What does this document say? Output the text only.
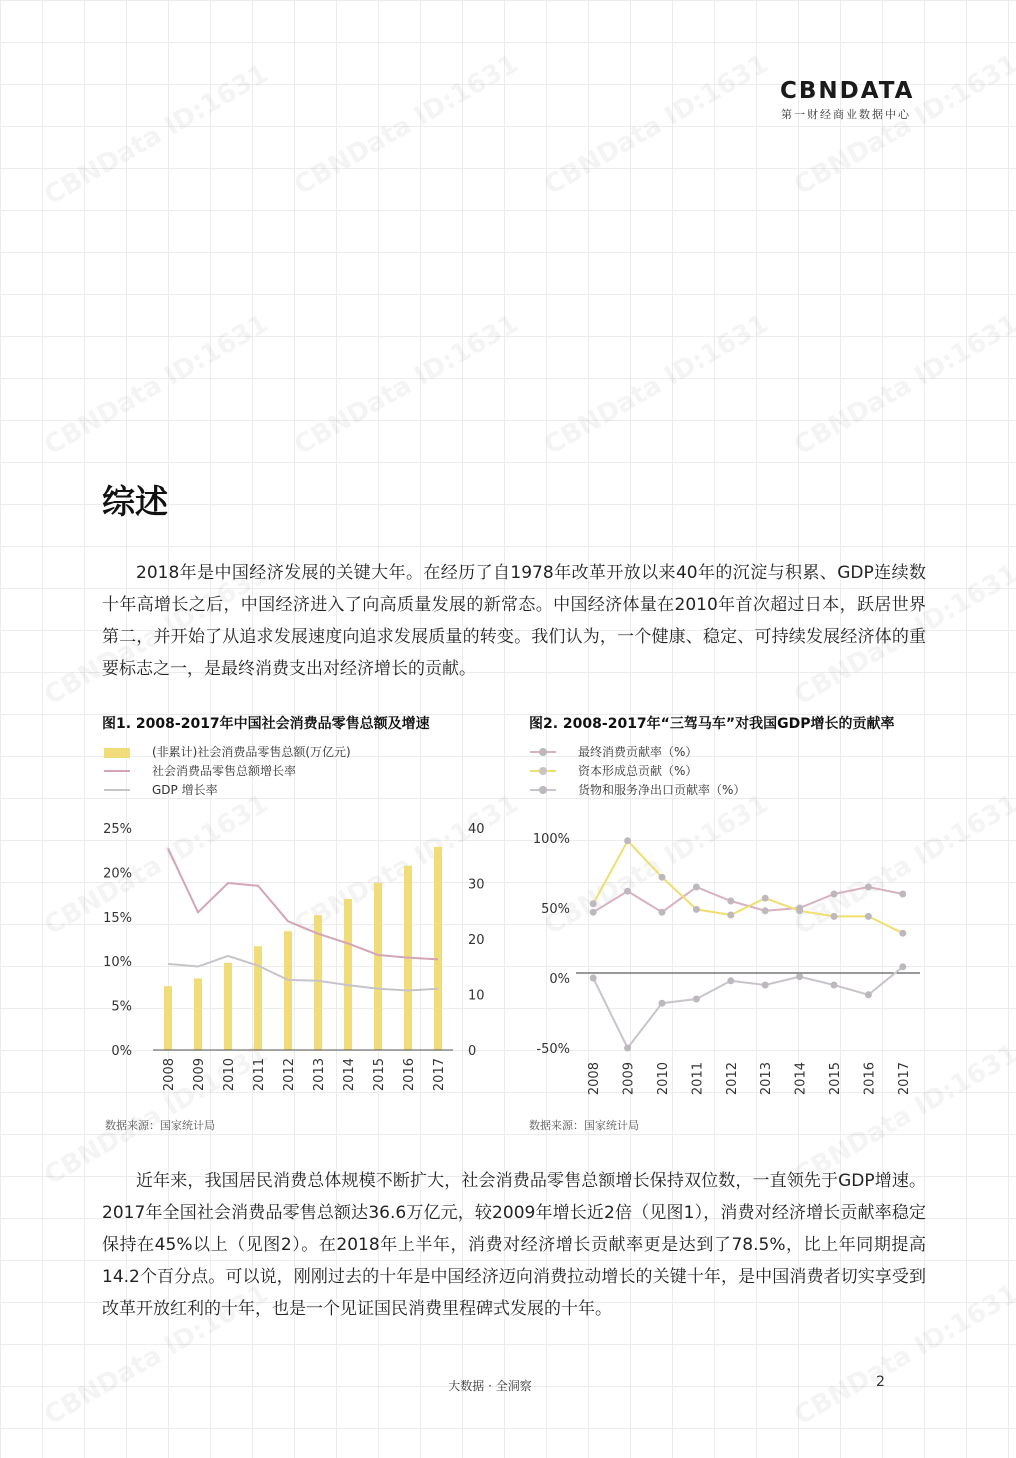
CBNDATA
第一财经商业数据中心
综述

2018年是中国经济发展的关键大年。在经历了自1978年改革开放以来40年的沉淀与积累、GDP连续数十年高增长之后，中国经济进入了向高质量发展的新常态。中国经济体量在2010年首次超过日本，跃居世界第二，并开始了从追求发展速度向追求发展质量的转变。我们认为，一个健康、稳定、可持续发展经济体的重要标志之一，是最终消费支出对经济增长的贡献。

图1. 2008-2017年中国社会消费品零售总额及增速
(非累计)社会消费品零售总额(万亿元)
社会消费品零售总额增长率
GDP 增长率
0%
5%
10%
15%
20%
25%
0
10
20
30
40
2008 2009 2010 2011 2012 2013 2014 2015 2016 2017
数据来源：国家统计局
图2. 2008-2017年“三驾马车”对我国GDP增长的贡献率
最终消费贡献率（%）
资本形成总贡献（%）
货物和服务净出口贡献率（%）
100%
50%
0%
-50%
2008 2009 2010 2011 2012 2013 2014 2015 2016 2017
数据来源：国家统计局

近年来，我国居民消费总体规模不断扩大，社会消费品零售总额增长保持双位数，一直领先于GDP增速。2017年全国社会消费品零售总额达36.6万亿元，较2009年增长近2倍（见图1），消费对经济增长贡献率稳定保持在45%以上（见图2）。在2018年上半年，消费对经济增长贡献率更是达到了78.5%，比上年同期提高14.2个百分点。可以说，刚刚过去的十年是中国经济迈向消费拉动增长的关键十年，是中国消费者切实享受到改革开放红利的十年，也是一个见证国民消费里程碑式发展的十年。

大数据 · 全洞察	2
